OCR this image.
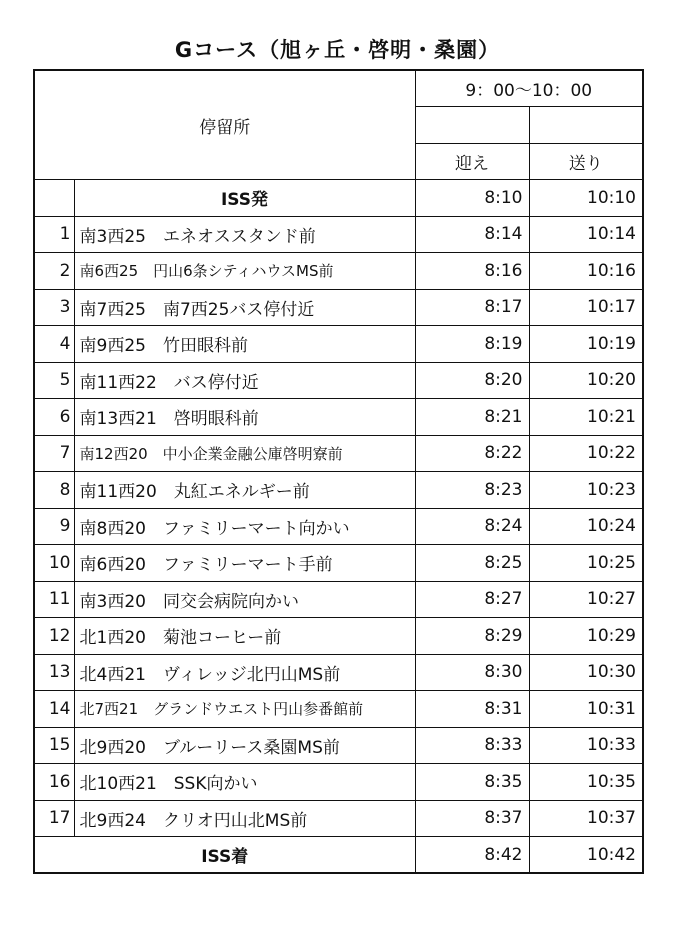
Gコース（旭ヶ丘・啓明・桑園）
停留所		9：00～10：00	

		迎え	送り
	ISS発	8:10	10:10
1	南3西25　エネオススタンド前	8:14	10:14
2	南6西25　円山6条シティハウスMS前	8:16	10:16
3	南7西25　南7西25バス停付近	8:17	10:17
4	南9西25　竹田眼科前	8:19	10:19
5	南11西22　バス停付近	8:20	10:20
6	南13西21　啓明眼科前	8:21	10:21
7	南12西20　中小企業金融公庫啓明寮前	8:22	10:22
8	南11西20　丸紅エネルギー前	8:23	10:23
9	南8西20　ファミリーマート向かい	8:24	10:24
10	南6西20　ファミリーマート手前	8:25	10:25
11	南3西20　同交会病院向かい	8:27	10:27
12	北1西20　菊池コーヒー前	8:29	10:29
13	北4西21　ヴィレッジ北円山MS前	8:30	10:30
14	北7西21　グランドウエスト円山参番館前	8:31	10:31
15	北9西20　ブルーリース桑園MS前	8:33	10:33
16	北10西21　SSK向かい	8:35	10:35
17	北9西24　クリオ円山北MS前	8:37	10:37
ISS着		8:42	10:42
